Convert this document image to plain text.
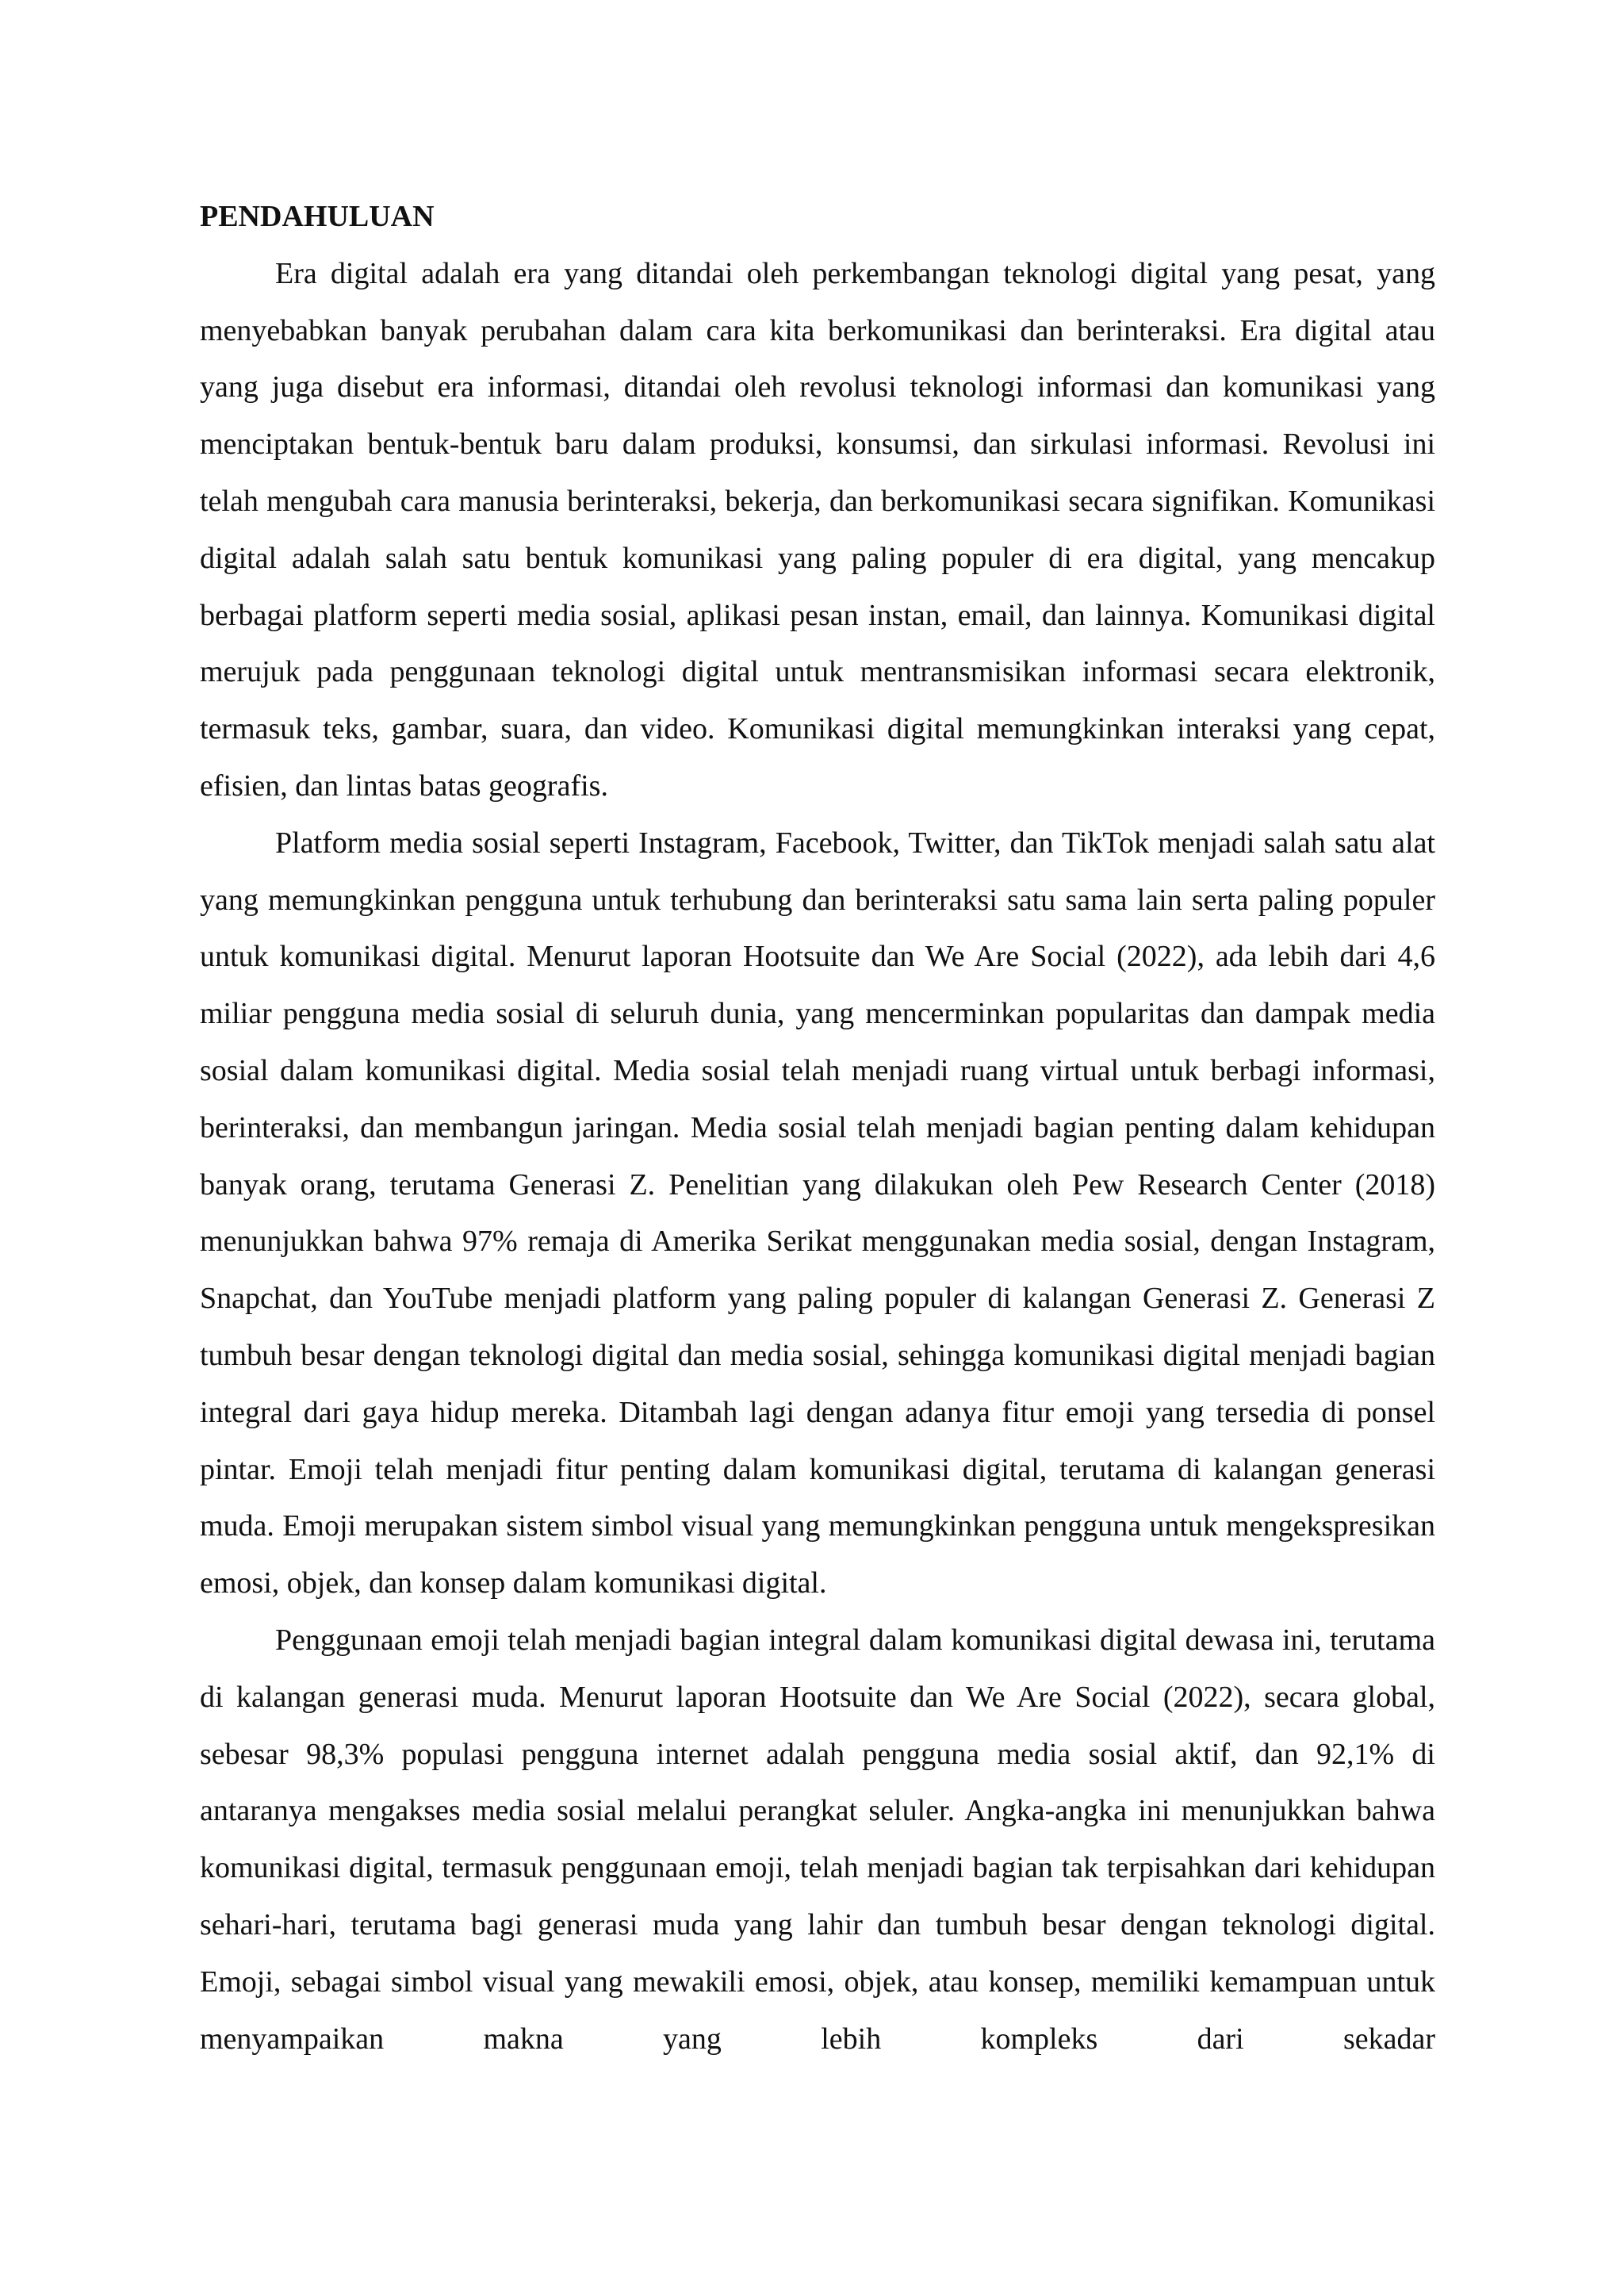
PENDAHULUAN

Era digital adalah era yang ditandai oleh perkembangan teknologi digital yang pesat, yang menyebabkan banyak perubahan dalam cara kita berkomunikasi dan berinteraksi. Era digital atau yang juga disebut era informasi, ditandai oleh revolusi teknologi informasi dan komunikasi yang menciptakan bentuk-bentuk baru dalam produksi, konsumsi, dan sirkulasi informasi. Revolusi ini telah mengubah cara manusia berinteraksi, bekerja, dan berkomunikasi secara signifikan. Komunikasi digital adalah salah satu bentuk komunikasi yang paling populer di era digital, yang mencakup berbagai platform seperti media sosial, aplikasi pesan instan, email, dan lainnya. Komunikasi digital merujuk pada penggunaan teknologi digital untuk mentransmisikan informasi secara elektronik, termasuk teks, gambar, suara, dan video. Komunikasi digital memungkinkan interaksi yang cepat, efisien, dan lintas batas geografis.

Platform media sosial seperti Instagram, Facebook, Twitter, dan TikTok menjadi salah satu alat yang memungkinkan pengguna untuk terhubung dan berinteraksi satu sama lain serta paling populer untuk komunikasi digital. Menurut laporan Hootsuite dan We Are Social (2022), ada lebih dari 4,6 miliar pengguna media sosial di seluruh dunia, yang mencerminkan popularitas dan dampak media sosial dalam komunikasi digital. Media sosial telah menjadi ruang virtual untuk berbagi informasi, berinteraksi, dan membangun jaringan. Media sosial telah menjadi bagian penting dalam kehidupan banyak orang, terutama Generasi Z. Penelitian yang dilakukan oleh Pew Research Center (2018) menunjukkan bahwa 97% remaja di Amerika Serikat menggunakan media sosial, dengan Instagram, Snapchat, dan YouTube menjadi platform yang paling populer di kalangan Generasi Z. Generasi Z tumbuh besar dengan teknologi digital dan media sosial, sehingga komunikasi digital menjadi bagian integral dari gaya hidup mereka. Ditambah lagi dengan adanya fitur emoji yang tersedia di ponsel pintar. Emoji telah menjadi fitur penting dalam komunikasi digital, terutama di kalangan generasi muda. Emoji merupakan sistem simbol visual yang memungkinkan pengguna untuk mengekspresikan emosi, objek, dan konsep dalam komunikasi digital.

Penggunaan emoji telah menjadi bagian integral dalam komunikasi digital dewasa ini, terutama di kalangan generasi muda. Menurut laporan Hootsuite dan We Are Social (2022), secara global, sebesar 98,3% populasi pengguna internet adalah pengguna media sosial aktif, dan 92,1% di antaranya mengakses media sosial melalui perangkat seluler. Angka-angka ini menunjukkan bahwa komunikasi digital, termasuk penggunaan emoji, telah menjadi bagian tak terpisahkan dari kehidupan sehari-hari, terutama bagi generasi muda yang lahir dan tumbuh besar dengan teknologi digital. Emoji, sebagai simbol visual yang mewakili emosi, objek, atau konsep, memiliki kemampuan untuk menyampaikan makna yang lebih kompleks dari sekadar
